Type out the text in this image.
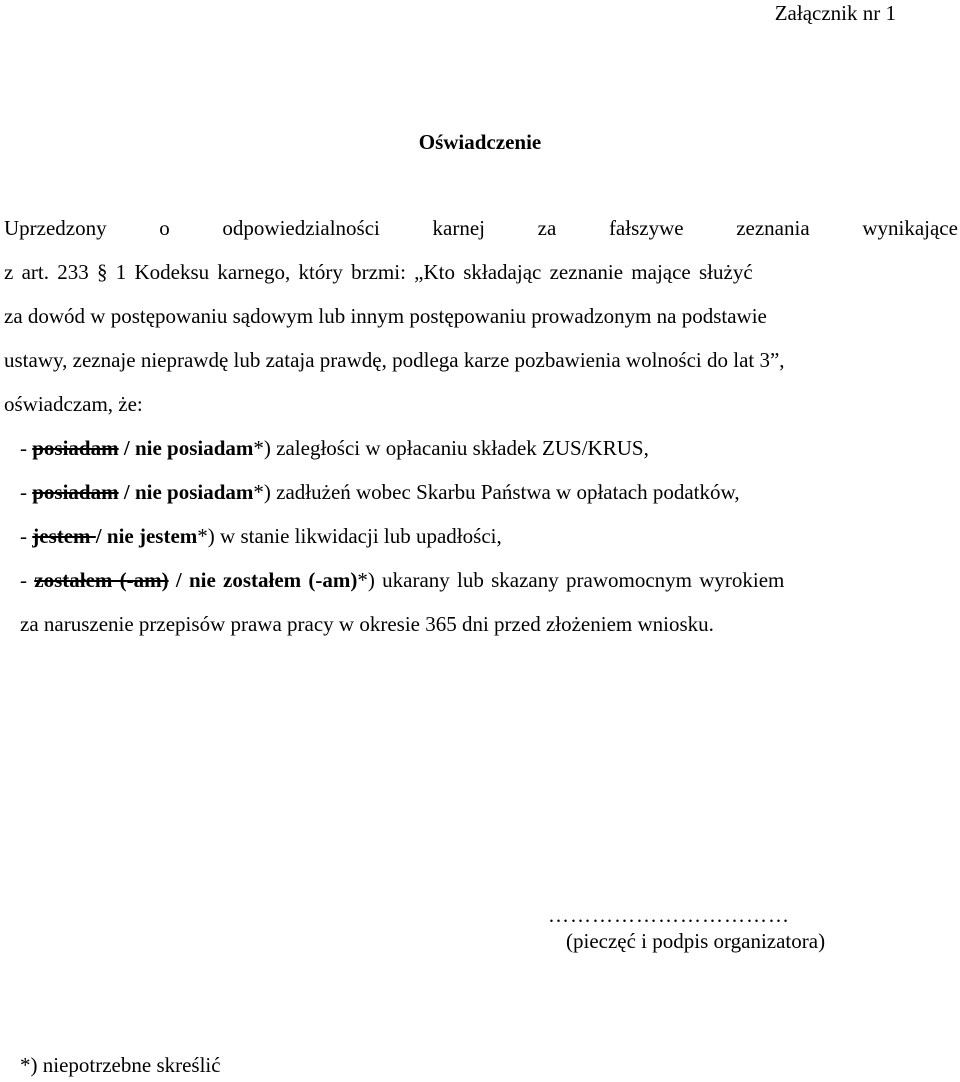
Załącznik nr 1
Oświadczenie
Uprzedzony	o	odpowiedzialności	karnej	za	fałszywe	zeznania	wynikające
z art. 233 § 1 Kodeksu karnego, który brzmi: „Kto składając zeznanie mające służyć
za dowód w postępowaniu sądowym lub innym postępowaniu prowadzonym na podstawie
ustawy, zeznaje nieprawdę lub zataja prawdę, podlega karze pozbawienia wolności do lat 3”,
oświadczam, że:
- posiadam / nie posiadam*) zaległości w opłacaniu składek ZUS/KRUS,
- posiadam / nie posiadam*) zadłużeń wobec Skarbu Państwa w opłatach podatków,
- jestem / nie jestem*) w stanie likwidacji lub upadłości,
- zostałem (-am) / nie zostałem (-am)*) ukarany lub skazany prawomocnym wyrokiem
za naruszenie przepisów prawa pracy w okresie 365 dni przed złożeniem wniosku.
……………………………
(pieczęć i podpis organizatora)
*) niepotrzebne skreślić
